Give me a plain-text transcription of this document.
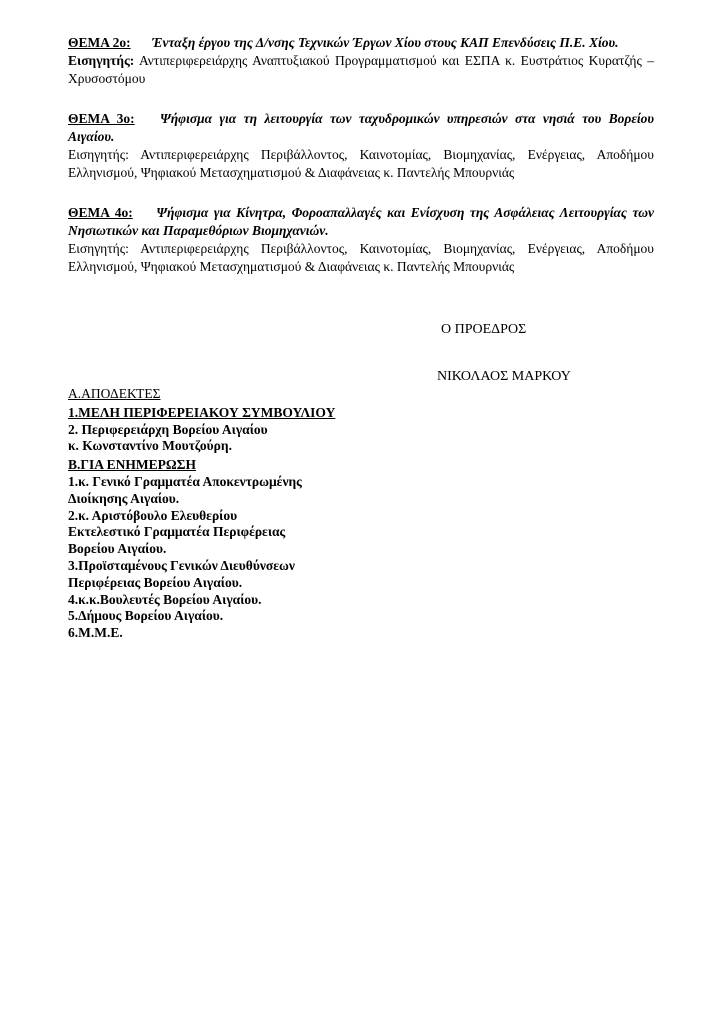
ΘΕΜΑ 2ο: Ένταξη έργου της Δ/νσης Τεχνικών Έργων Χίου στους ΚΑΠ Επενδύσεις Π.Ε. Χίου.
Εισηγητής: Αντιπεριφερειάρχης Αναπτυξιακού Προγραμματισμού και ΕΣΠΑ κ. Ευστράτιος Κυρατζής – Χρυσοστόμου
ΘΕΜΑ 3ο: Ψήφισμα για τη λειτουργία των ταχυδρομικών υπηρεσιών στα νησιά του Βορείου Αιγαίου.
Εισηγητής: Αντιπεριφερειάρχης Περιβάλλοντος, Καινοτομίας, Βιομηχανίας, Ενέργειας, Αποδήμου Ελληνισμού, Ψηφιακού Μετασχηματισμού & Διαφάνειας κ. Παντελής Μπουρνιάς
ΘΕΜΑ 4ο: Ψήφισμα για Κίνητρα, Φοροαπαλλαγές και Ενίσχυση της Ασφάλειας Λειτουργίας των Νησιωτικών και Παραμεθόριων Βιομηχανιών.
Εισηγητής: Αντιπεριφερειάρχης Περιβάλλοντος, Καινοτομίας, Βιομηχανίας, Ενέργειας, Αποδήμου Ελληνισμού, Ψηφιακού Μετασχηματισμού & Διαφάνειας κ. Παντελής Μπουρνιάς
Ο ΠΡΟΕΔΡΟΣ
ΝΙΚΟΛΑΟΣ ΜΑΡΚΟΥ
Α.ΑΠΟΔΕΚΤΕΣ
1.ΜΕΛΗ ΠΕΡΙΦΕΡΕΙΑΚΟΥ ΣΥΜΒΟΥΛΙΟΥ
2. Περιφερειάρχη Βορείου Αιγαίου
κ. Κωνσταντίνο Μουτζούρη.
Β.ΓΙΑ ΕΝΗΜΕΡΩΣΗ
1.κ. Γενικό Γραμματέα Αποκεντρωμένης
Διοίκησης Αιγαίου.
2.κ. Αριστόβουλο Ελευθερίου
Εκτελεστικό Γραμματέα Περιφέρειας
Βορείου Αιγαίου.
3.Προϊσταμένους Γενικών Διευθύνσεων
Περιφέρειας Βορείου Αιγαίου.
4.κ.κ.Βουλευτές Βορείου Αιγαίου.
5.Δήμους Βορείου Αιγαίου.
6.Μ.Μ.Ε.
